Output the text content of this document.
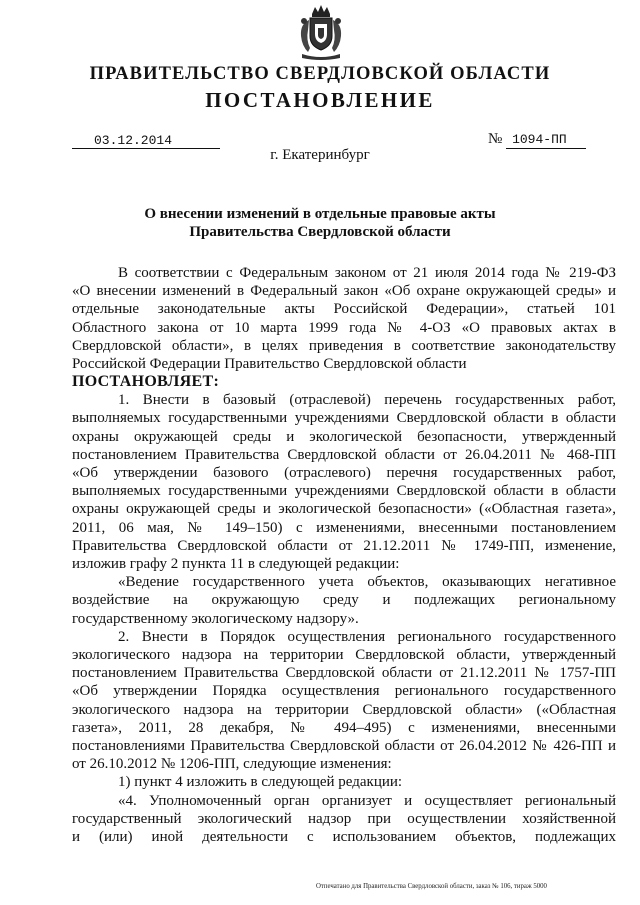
ПРАВИТЕЛЬСТВО СВЕРДЛОВСКОЙ ОБЛАСТИ
ПОСТАНОВЛЕНИЕ
03.12.2014	№ 1094-ПП
г. Екатеринбург
О внесении изменений в отдельные правовые акты
Правительства Свердловской области

В соответствии с Федеральным законом от 21 июля 2014 года № 219-ФЗ

«О внесении изменений в Федеральный закон «Об охране окружающей среды» и

отдельные законодательные акты Российской Федерации», статьей 101

Областного закона от 10 марта 1999 года № 4-ОЗ «О правовых актах в

Свердловской области», в целях приведения в соответствие законодательству

Российской Федерации Правительство Свердловской области

ПОСТАНОВЛЯЕТ:

1. Внести в базовый (отраслевой) перечень государственных работ,

выполняемых государственными учреждениями Свердловской области в области

охраны окружающей среды и экологической безопасности, утвержденный

постановлением Правительства Свердловской области от 26.04.2011 № 468-ПП

«Об утверждении базового (отраслевого) перечня государственных работ,

выполняемых государственными учреждениями Свердловской области в области

охраны окружающей среды и экологической безопасности» («Областная газета»,

2011, 06 мая, № 149–150) с изменениями, внесенными постановлением

Правительства Свердловской области от 21.12.2011 № 1749-ПП, изменение,

изложив графу 2 пункта 11 в следующей редакции:

«Ведение государственного учета объектов, оказывающих негативное

воздействие на окружающую среду и подлежащих региональному

государственному экологическому надзору».

2. Внести в Порядок осуществления регионального государственного

экологического надзора на территории Свердловской области, утвержденный

постановлением Правительства Свердловской области от 21.12.2011 № 1757-ПП

«Об утверждении Порядка осуществления регионального государственного

экологического надзора на территории Свердловской области» («Областная

газета», 2011, 28 декабря, № 494–495) с изменениями, внесенными

постановлениями Правительства Свердловской области от 26.04.2012 № 426-ПП и

от 26.10.2012 № 1206-ПП, следующие изменения:

1) пункт 4 изложить в следующей редакции:

«4. Уполномоченный орган организует и осуществляет региональный

государственный экологический надзор при осуществлении хозяйственной

и (или) иной деятельности с использованием объектов, подлежащих

Отпечатано для Правительства Свердловской области, заказ № 106, тираж 5000
